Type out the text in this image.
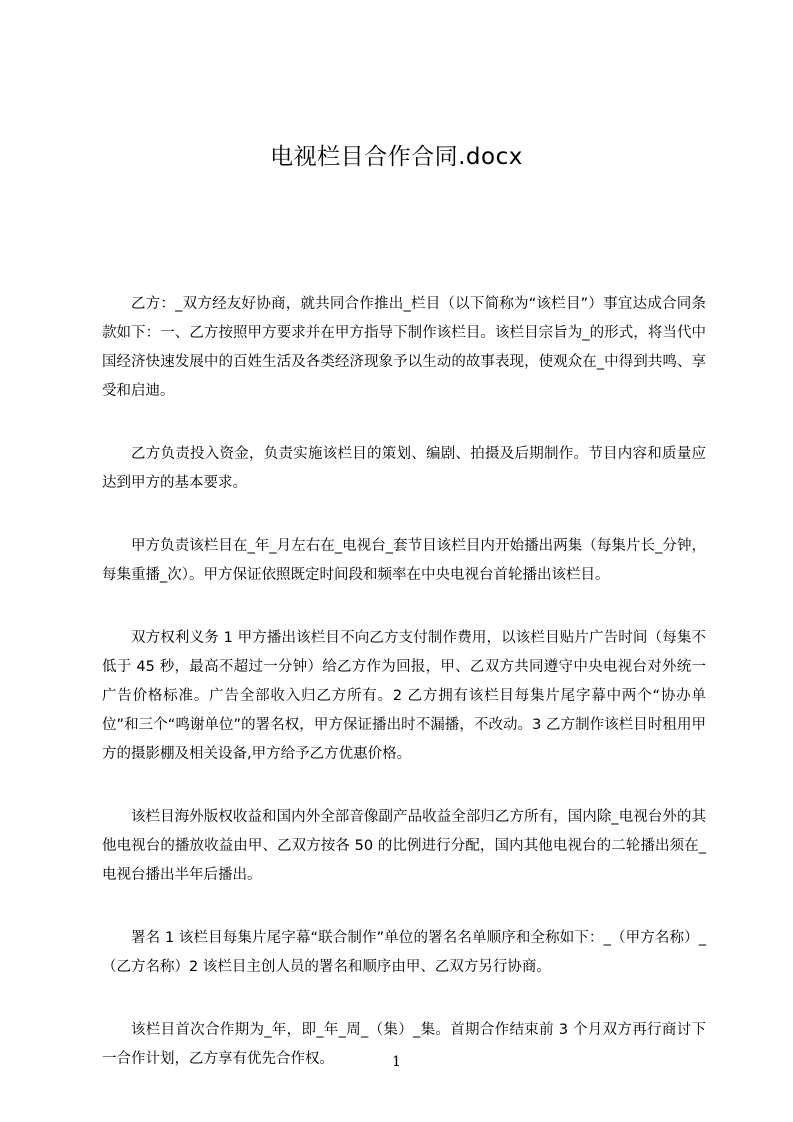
电视栏目合作合同.docx

乙方：_双方经友好协商，就共同合作推出_栏目（以下简称为“该栏目”）事宜达成合同条款如下：一、乙方按照甲方要求并在甲方指导下制作该栏目。该栏目宗旨为_的形式，将当代中国经济快速发展中的百姓生活及各类经济现象予以生动的故事表现，使观众在_中得到共鸣、享受和启迪。

乙方负责投入资金，负责实施该栏目的策划、编剧、拍摄及后期制作。节目内容和质量应达到甲方的基本要求。

甲方负责该栏目在_年_月左右在_电视台_套节目该栏目内开始播出两集（每集片长_分钟，每集重播_次）。甲方保证依照既定时间段和频率在中央电视台首轮播出该栏目。

双方权利义务 1 甲方播出该栏目不向乙方支付制作费用，以该栏目贴片广告时间（每集不低于 45 秒，最高不超过一分钟）给乙方作为回报，甲、乙双方共同遵守中央电视台对外统一广告价格标准。广告全部收入归乙方所有。2 乙方拥有该栏目每集片尾字幕中两个“协办单位”和三个“鸣谢单位”的署名权，甲方保证播出时不漏播，不改动。3 乙方制作该栏目时租用甲方的摄影棚及相关设备,甲方给予乙方优惠价格。

该栏目海外版权收益和国内外全部音像副产品收益全部归乙方所有，国内除_电视台外的其他电视台的播放收益由甲、乙双方按各 50 的比例进行分配，国内其他电视台的二轮播出须在_电视台播出半年后播出。

署名 1 该栏目每集片尾字幕“联合制作”单位的署名名单顺序和全称如下：_（甲方名称）_（乙方名称）2 该栏目主创人员的署名和顺序由甲、乙双方另行协商。

该栏目首次合作期为_年，即_年_周_（集）_集。首期合作结束前 3 个月双方再行商讨下一合作计划，乙方享有优先合作权。	1
